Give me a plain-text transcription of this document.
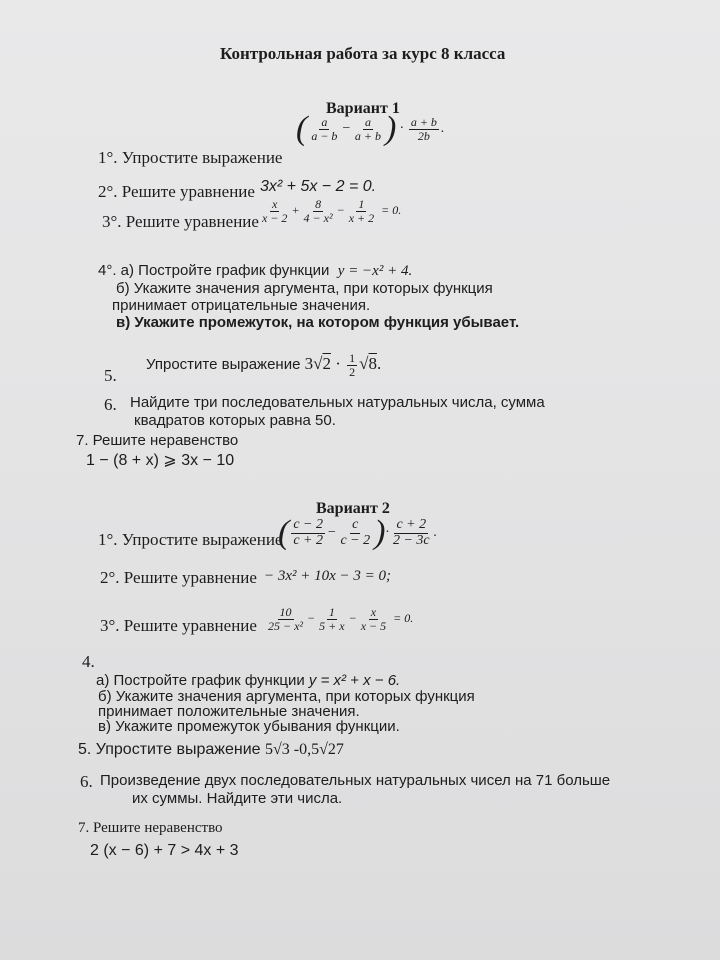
Контрольная работа за курс 8 класса
Вариант 1
( $\frac{a}{a - b} - \frac{a}{a + b}$ ) · $\frac{a + b}{2b}$ .
1°. Упростите выражение
2°. Решите уравнение 3x² + 5x − 2 = 0.
3°. Решите уравнение $\frac{x}{x - 2} + \frac{8}{\text{4 − x²}} - \frac{1}{x + 2} = 0$.
4°. а) Постройте график функции y = −x² + 4.
б) Укажите значения аргумента, при которых функция
принимает отрицательные значения.
в) Укажите промежуток, на котором функция убывает.
Упростите выражение $3√2 \cdot \frac{1}{2} √8$.
5.
6. Найдите три последовательных натуральных числа, сумма
квадратов которых равна 50.
7. Решите неравенство
1 − (8 + x) ⩾ 3x − 10
Вариант 2
1°. Упростите выражение
( $\frac{c - 2}{c + 2} - \frac{c}{c - 2}$ )· $\frac{c + 2}{2 - 3c}$ .
2°. Решите уравнение − 3x² + 10x − 3 = 0;
3°. Решите уравнение $\frac{10}{\text{25 − x²}} - \frac{1}{5 + x} - \frac{x}{x - 5} = 0$.
4.
а) Постройте график функции y = x² + x − 6.
б) Укажите значения аргумента, при которых функция
принимает положительные значения.
в) Укажите промежуток убывания функции.
5. Упростите выражение 5√3 -0,5√27
6. Произведение двух последовательных натуральных чисел на 71 больше
их суммы. Найдите эти числа.
7. Решите неравенство
2 (x − 6) + 7 > 4x + 3
